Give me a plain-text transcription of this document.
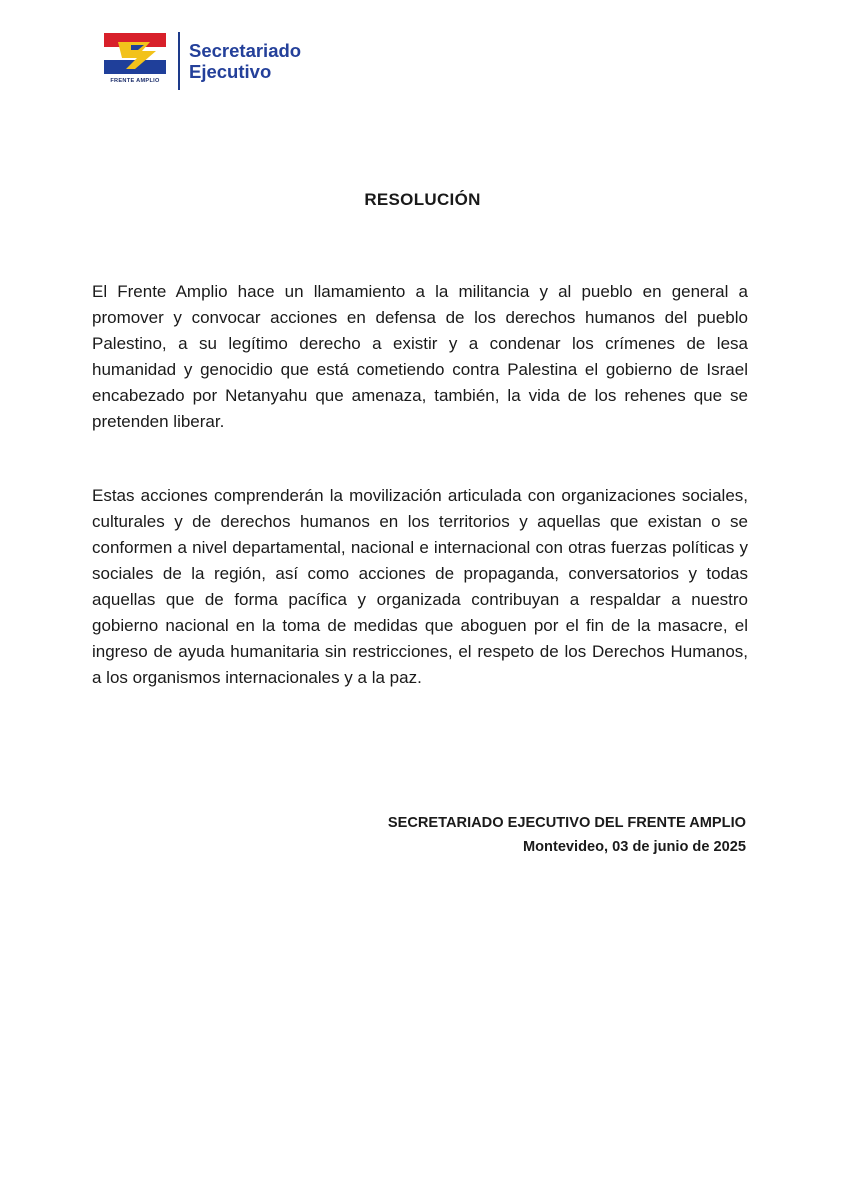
FRENTE AMPLIO
Secretariado
Ejecutivo
RESOLUCIÓN

El Frente Amplio hace un llamamiento a la militancia y al pueblo en general a promover y convocar acciones en defensa de los derechos humanos del pueblo Palestino, a su legítimo derecho a existir y a condenar los crímenes de lesa humanidad y genocidio que está cometiendo contra Palestina el gobierno de Israel encabezado por Netanyahu que amenaza, también, la vida de los rehenes que se pretenden liberar.

Estas acciones comprenderán la movilización articulada con organizaciones sociales, culturales y de derechos humanos en los territorios y aquellas que existan o se conformen a nivel departamental, nacional e internacional con otras fuerzas políticas y sociales de la región, así como acciones de propaganda, conversatorios y todas aquellas que de forma pacífica y organizada contribuyan a respaldar a nuestro gobierno nacional en la toma de medidas que aboguen por el fin de la masacre, el ingreso de ayuda humanitaria sin restricciones, el respeto de los Derechos Humanos, a los organismos internacionales y a la paz.

SECRETARIADO EJECUTIVO DEL FRENTE AMPLIO
Montevideo, 03 de junio de 2025
